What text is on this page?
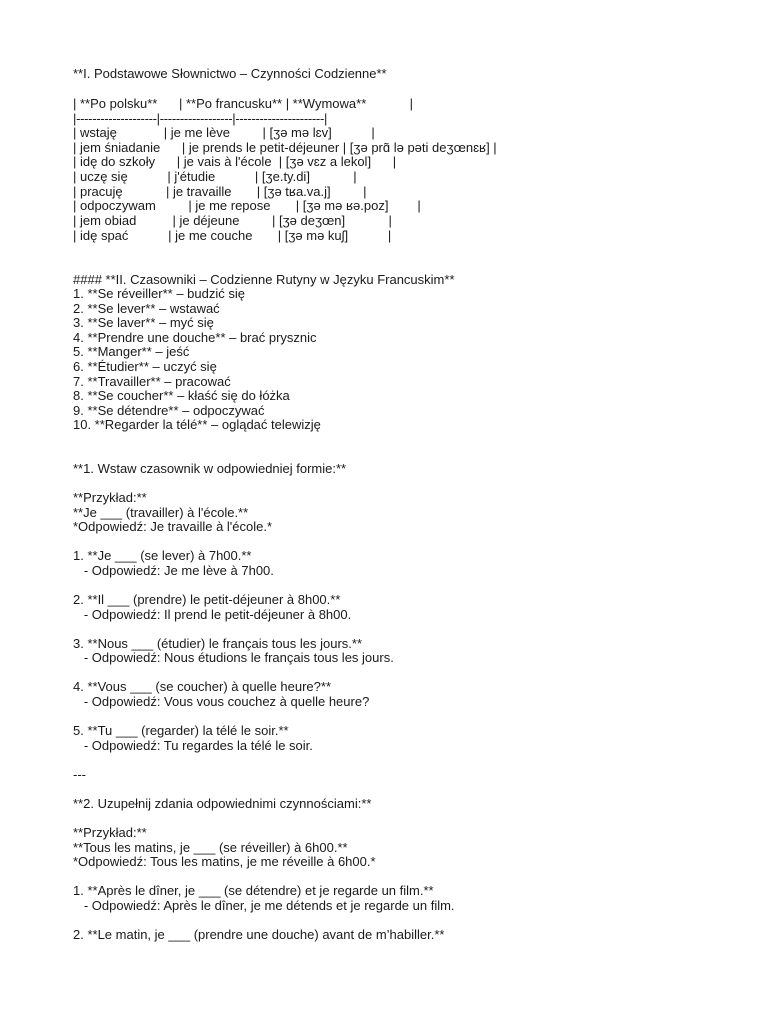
**I. Podstawowe Słownictwo – Czynności Codzienne**
| **Po polsku**      | **Po francusku** | **Wymowa**            |
|--------------------|------------------|----------------------|
| wstaję             | je me lève         | [ʒə mə lɛv]           |
| jem śniadanie      | je prends le petit-déjeuner | [ʒə prɑ̃ lə pəti deʒœnɛʁ] |
| idę do szkoły      | je vais à l'école  | [ʒə vɛz a lekol]      |
| uczę się           | j'étudie           | [ʒe.ty.di]            |
| pracuję            | je travaille       | [ʒə tʁa.va.j]         |
| odpoczywam         | je me repose       | [ʒə mə ʁə.poz]        |
| jem obiad          | je déjeune         | [ʒə deʒœn]            |
| idę spać           | je me couche       | [ʒə mə kuʃ]           |
#### **II. Czasowniki – Codzienne Rutyny w Języku Francuskim**
1. **Se réveiller** – budzić się
2. **Se lever** – wstawać
3. **Se laver** – myć się
4. **Prendre une douche** – brać prysznic
5. **Manger** – jeść
6. **Étudier** – uczyć się
7. **Travailler** – pracować
8. **Se coucher** – kłaść się do łóżka
9. **Se détendre** – odpoczywać
10. **Regarder la télé** – oglądać telewizję
**1. Wstaw czasownik w odpowiedniej formie:**
**Przykład:**
**Je ___ (travailler) à l'école.**
*Odpowiedź: Je travaille à l'école.*
1. **Je ___ (se lever) à 7h00.**
- Odpowiedź: Je me lève à 7h00.
2. **Il ___ (prendre) le petit-déjeuner à 8h00.**
- Odpowiedź: Il prend le petit-déjeuner à 8h00.
3. **Nous ___ (étudier) le français tous les jours.**
- Odpowiedź: Nous étudions le français tous les jours.
4. **Vous ___ (se coucher) à quelle heure?**
- Odpowiedź: Vous vous couchez à quelle heure?
5. **Tu ___ (regarder) la télé le soir.**
- Odpowiedź: Tu regardes la télé le soir.
---
**2. Uzupełnij zdania odpowiednimi czynnościami:**
**Przykład:**
**Tous les matins, je ___ (se réveiller) à 6h00.**
*Odpowiedź: Tous les matins, je me réveille à 6h00.*
1. **Après le dîner, je ___ (se détendre) et je regarde un film.**
- Odpowiedź: Après le dîner, je me détends et je regarde un film.
2. **Le matin, je ___ (prendre une douche) avant de m’habiller.**
